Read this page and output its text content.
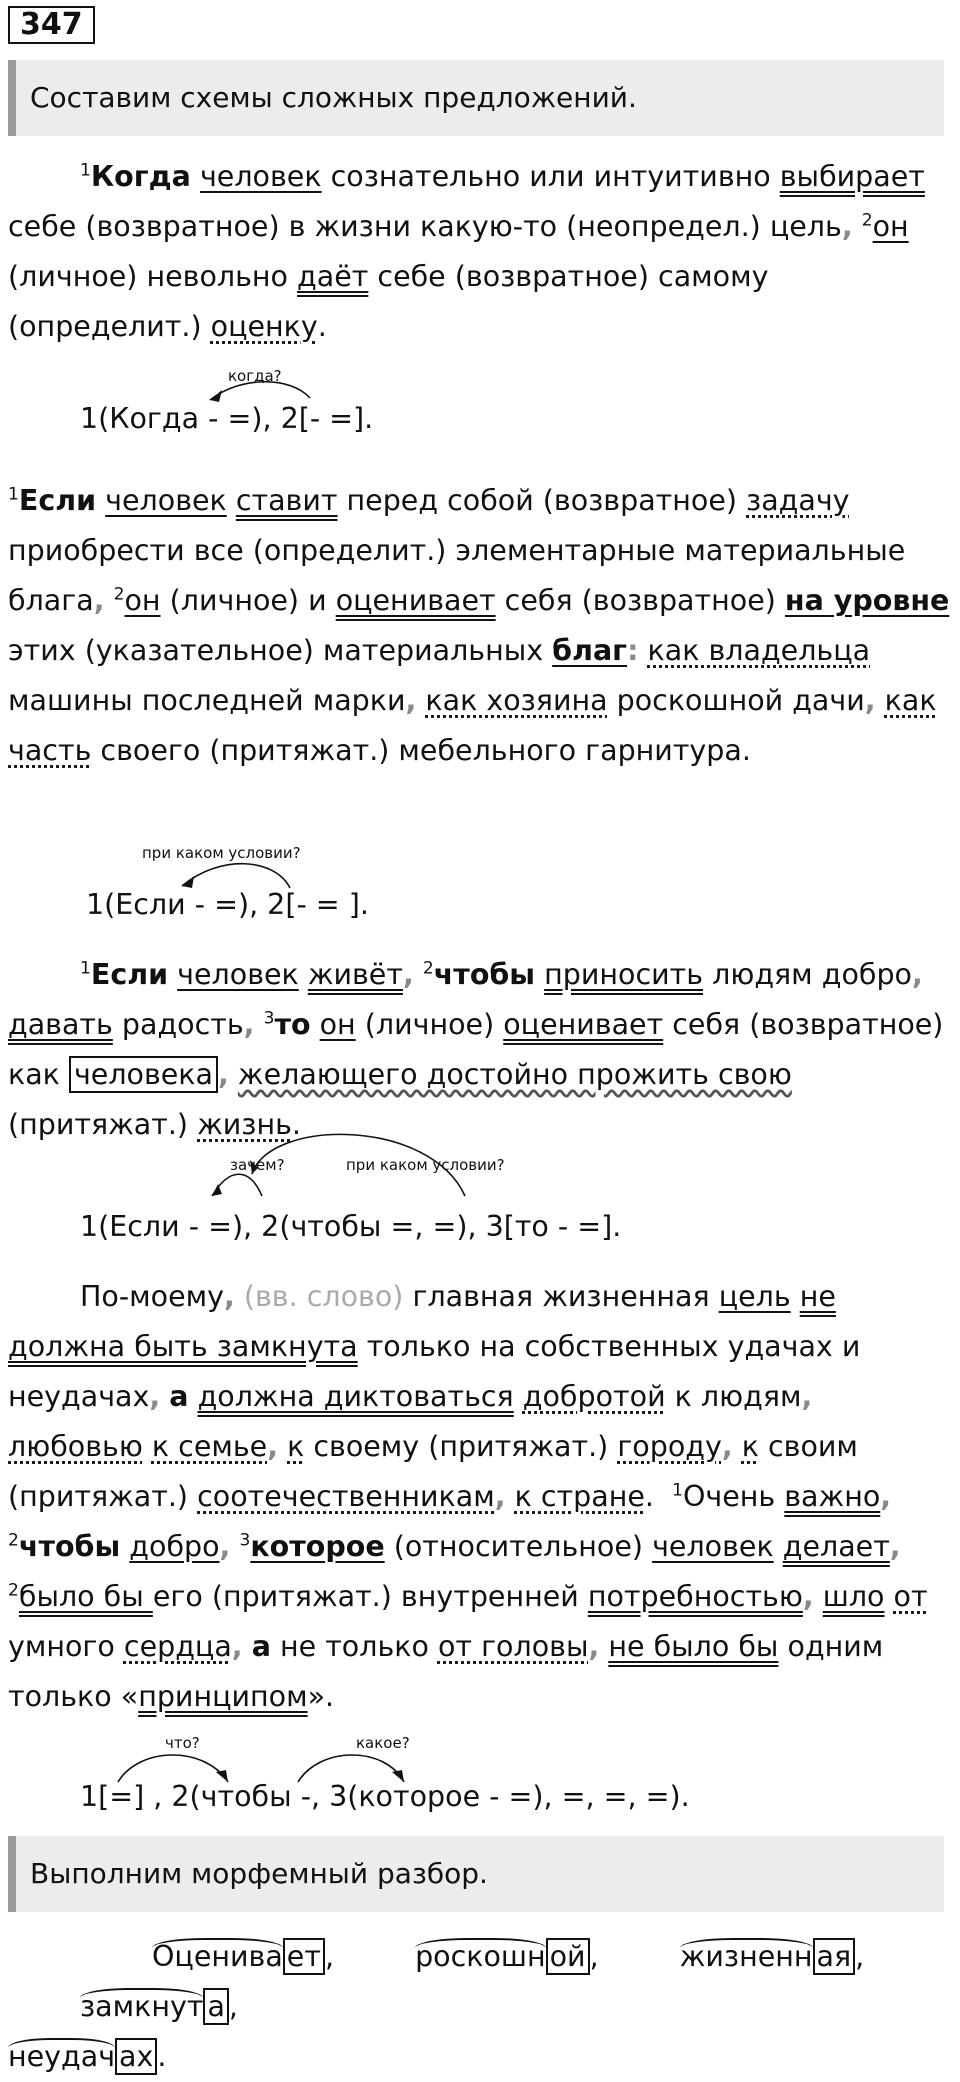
347
Составим схемы сложных предложений.

$^1$Когда человек сознательно или интуитивно выбирает себе (возвратное) в жизни какую-то (неопредел.) цель, $^2$он (личное) невольно даёт себе (возвратное) самому (определит.) оценку.

когда?
1(Когда - =), 2[- =].

$^1$Если человек ставит перед собой (возвратное) задачу приобрести все (определит.) элементарные материальные блага, $^2$он (личное) и оценивает себя (возвратное) на уровне этих (указательное) материальных благ: как владельца машины последней марки, как хозяина роскошной дачи, как часть своего (притяжат.) мебельного гарнитура.

при каком условии?
1(Если - =), 2[- = ].

$^1$Если человек живёт, $^2$чтобы приносить людям добро, давать радость, $^3$то он (личное) оценивает себя (возвратное) как человека , желающего достойно прожить свою (притяжат.) жизнь.

зачем?	при каком условии?
1(Если - =), 2(чтобы =, =), 3[то - =].

По-моему, (вв. слово) главная жизненная цель не должна быть замкнута только на собственных удачах и неудачах, а должна диктоваться добротой к людям, любовью к семье, к своему (притяжат.) городу, к своим (притяжат.) соотечественникам, к стране. $^1$Очень важно, $^2$чтобы добро, $^3$которое (относительное) человек делает, $^2$было бы его (притяжат.) внутренней потребностью, шло от умного сердца, а не только от головы, не было бы одним только «принципом».

что?	какое?
1[=] , 2(чтобы -, 3(которое - =), =, =, =).
Выполним морфемный разбор.
Оценива ет ,	роскошн ой ,	жизненн ая , замкнут а ,
неудач ах .
